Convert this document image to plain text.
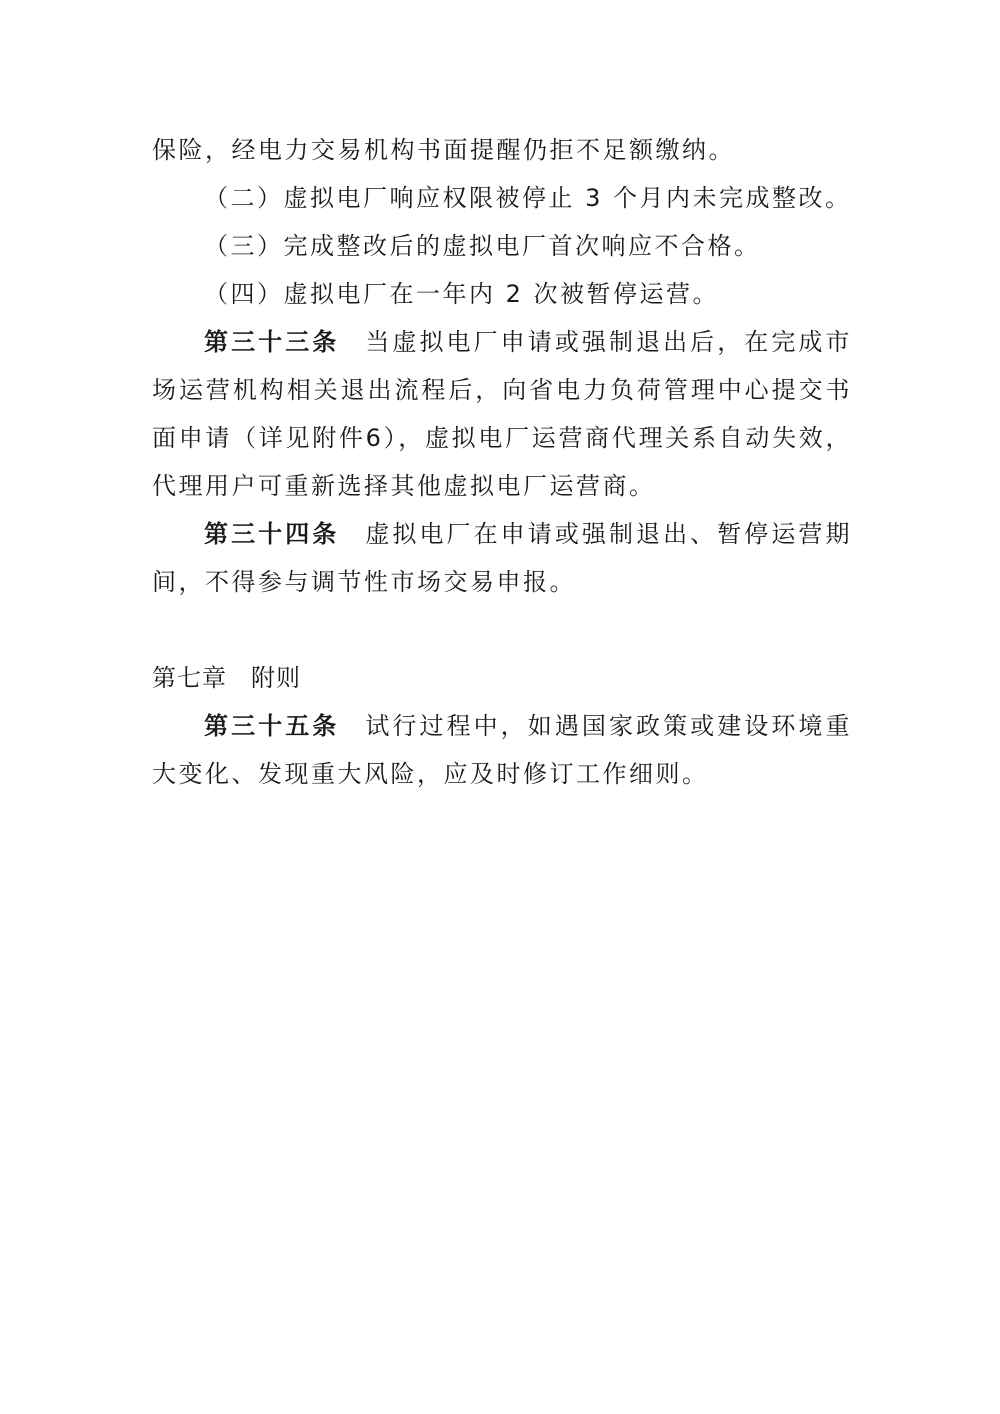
保险，经电力交易机构书面提醒仍拒不足额缴纳。

（二）虚拟电厂响应权限被停止 3 个月内未完成整改。

（三）完成整改后的虚拟电厂首次响应不合格。

（四）虚拟电厂在一年内 2 次被暂停运营。

第三十三条 当虚拟电厂申请或强制退出后，在完成市场运营机构相关退出流程后，向省电力负荷管理中心提交书面申请（详见附件6），虚拟电厂运营商代理关系自动失效，代理用户可重新选择其他虚拟电厂运营商。

第三十四条 虚拟电厂在申请或强制退出、暂停运营期间，不得参与调节性市场交易申报。

第七章 附则

第三十五条 试行过程中，如遇国家政策或建设环境重大变化、发现重大风险，应及时修订工作细则。
